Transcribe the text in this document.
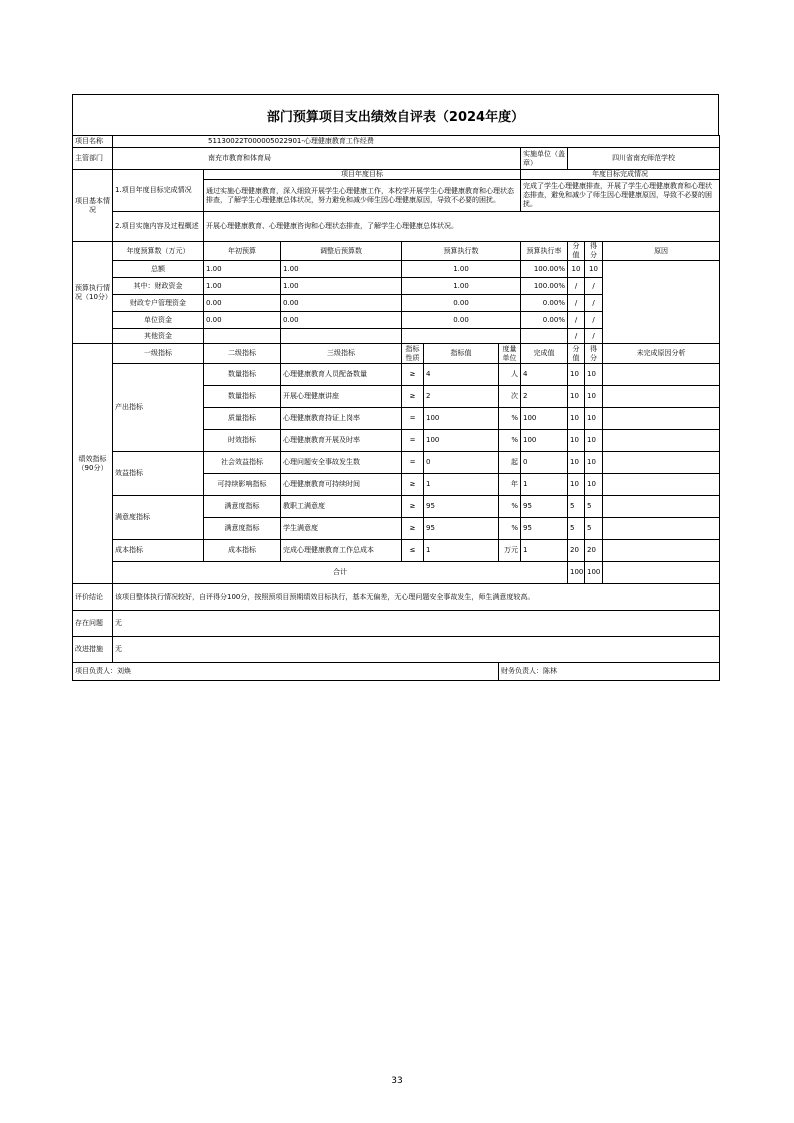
部门预算项目支出绩效自评表（2024年度）
项目名称	51130022T000005022901-心理健康教育工作经费									
主管部门	南充市教育和体育局						实施单位（盖章）	四川省南充师范学校		
项目基本情况	1.项目年度目标完成情况	项目年度目标					年度目标完成情况			
		通过实施心理健康教育，深入细致开展学生心理健康工作，本校学开展学生心理健康教育和心理状态排查，了解学生心理健康总体状况，努力避免和减少师生因心理健康原因，导致不必要的困扰。					完成了学生心理健康排查，开展了学生心理健康教育和心理状态排查，避免和减少了师生因心理健康原因，导致不必要的困扰。			
	2.项目实施内容及过程概述	开展心理健康教育、心理健康咨询和心理状态排查，了解学生心理健康总体状况。								
预算执行情况（10分）	年度预算数（万元）	年初预算	调整后预算数	预算执行数			预算执行率	分值	得分	原因
	总额	1.00	1.00	1.00			100.00%	10	10	
	其中：财政资金	1.00	1.00	1.00			100.00%	/	/	
	财政专户管理资金	0.00	0.00	0.00			0.00%	/	/	
	单位资金	0.00	0.00	0.00			0.00%	/	/	
	其他资金							/	/	
绩效指标（90分）	一级指标	二级指标	三级指标	指标性质	指标值	度量单位	完成值	分值	得分	未完成原因分析
	产出指标	数量指标	心理健康教育人员配备数量	≥	4	人	4	10	10	
		数量指标	开展心理健康讲座	≥	2	次	2	10	10	
		质量指标	心理健康教育持证上岗率	=	100	%	100	10	10	
		时效指标	心理健康教育开展及时率	=	100	%	100	10	10	
	效益指标	社会效益指标	心理问题安全事故发生数	=	0	起	0	10	10	
		可持续影响指标	心理健康教育可持续时间	≥	1	年	1	10	10	
	满意度指标	满意度指标	教职工满意度	≥	95	%	95	5	5	
		满意度指标	学生满意度	≥	95	%	95	5	5	
	成本指标	成本指标	完成心理健康教育工作总成本	≤	1	万元	1	20	20	
	合计							100	100	
评价结论	该项目整体执行情况较好，自评得分100分，按照预项目预期绩效目标执行，基本无偏差，无心理问题安全事故发生，师生满意度较高。									
存在问题	无									
改进措施	无									
项目负责人：刘焕						财务负责人：陈林				
33
